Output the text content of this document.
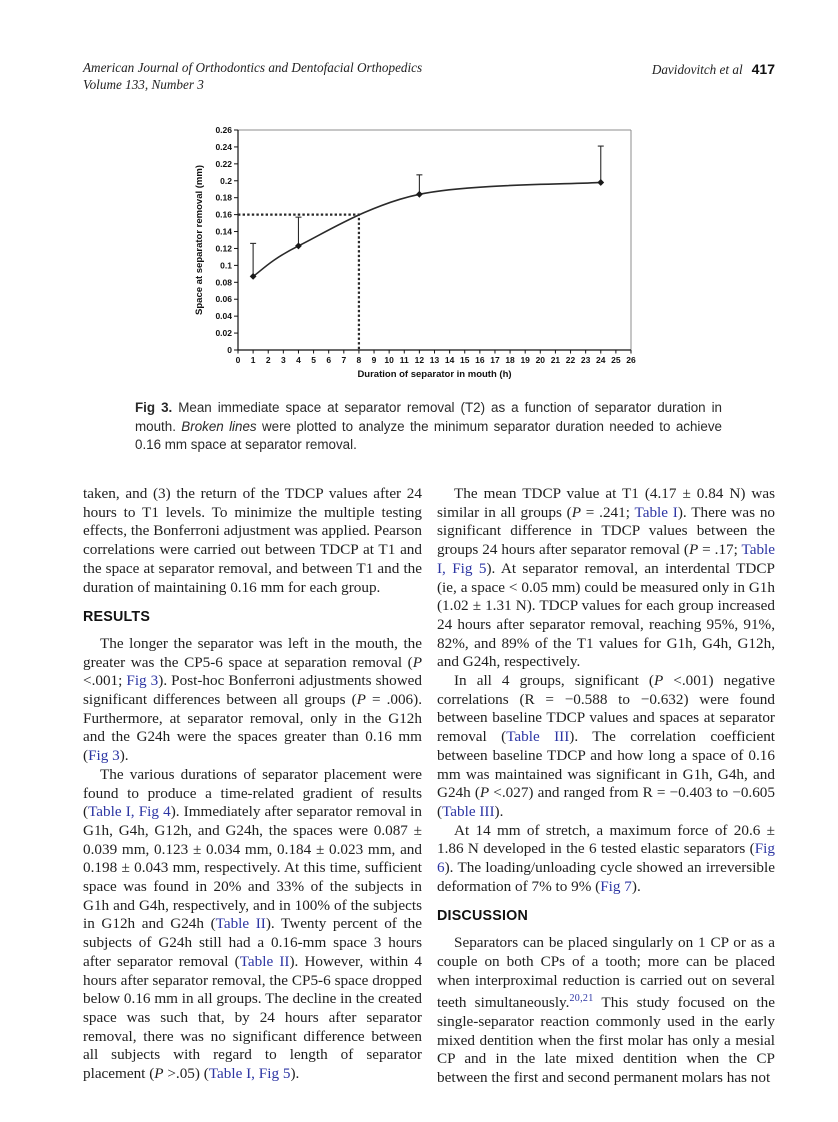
American Journal of Orthodontics and Dentofacial Orthopedics
Volume 133, Number 3
Davidovitch et al 417
0
0.02
0.04
0.06
0.08
0.1
0.12
0.14
0.16
0.18
0.2
0.22
0.24
0.26
0 1 2 3 4 5 6 7 8 9 10 11 12 13 14 15 16 17 18 19 20 21 22 23 24 25 26
Duration of separator in mouth (h)
Space at separator removal (mm)

Fig 3. Mean immediate space at separator removal (T2) as a function of separator duration in mouth. Broken lines were plotted to analyze the minimum separator duration needed to achieve 0.16 mm space at separator removal.

taken, and (3) the return of the TDCP values after 24 hours to T1 levels. To minimize the multiple testing effects, the Bonferroni adjustment was applied. Pearson correlations were carried out between TDCP at T1 and the space at separator removal, and between T1 and the duration of maintaining 0.16 mm for each group.

RESULTS

The longer the separator was left in the mouth, the greater was the CP5-6 space at separation removal (P <.001; Fig 3). Post-hoc Bonferroni adjustments showed significant differences between all groups (P = .006). Furthermore, at separator removal, only in the G12h and the G24h were the spaces greater than 0.16 mm (Fig 3).

The various durations of separator placement were found to produce a time-related gradient of results (Table I, Fig 4). Immediately after separator removal in G1h, G4h, G12h, and G24h, the spaces were 0.087 ± 0.039 mm, 0.123 ± 0.034 mm, 0.184 ± 0.023 mm, and 0.198 ± 0.043 mm, respectively. At this time, sufficient space was found in 20% and 33% of the subjects in G1h and G4h, respectively, and in 100% of the subjects in G12h and G24h (Table II). Twenty percent of the subjects of G24h still had a 0.16-mm space 3 hours after separator removal (Table II). However, within 4 hours after separator removal, the CP5-6 space dropped below 0.16 mm in all groups. The decline in the created space was such that, by 24 hours after separator removal, there was no significant difference between all subjects with regard to length of separator placement (P >.05) (Table I, Fig 5).

The mean TDCP value at T1 (4.17 ± 0.84 N) was similar in all groups (P = .241; Table I). There was no significant difference in TDCP values between the groups 24 hours after separator removal (P = .17; Table I, Fig 5). At separator removal, an interdental TDCP (ie, a space < 0.05 mm) could be measured only in G1h (1.02 ± 1.31 N). TDCP values for each group increased 24 hours after separator removal, reaching 95%, 91%, 82%, and 89% of the T1 values for G1h, G4h, G12h, and G24h, respectively.

In all 4 groups, significant (P <.001) negative correlations (R = −0.588 to −0.632) were found between baseline TDCP values and spaces at separator removal (Table III). The correlation coefficient between baseline TDCP and how long a space of 0.16 mm was maintained was significant in G1h, G4h, and G24h (P <.027) and ranged from R = −0.403 to −0.605 (Table III).

At 14 mm of stretch, a maximum force of 20.6 ± 1.86 N developed in the 6 tested elastic separators (Fig 6). The loading/unloading cycle showed an irreversible deformation of 7% to 9% (Fig 7).

DISCUSSION

Separators can be placed singularly on 1 CP or as a couple on both CPs of a tooth; more can be placed when interproximal reduction is carried out on several teeth simultaneously.$^{20,21}$ This study focused on the single-separator reaction commonly used in the early mixed dentition when the first molar has only a mesial CP and in the late mixed dentition when the CP between the first and second permanent molars has not
